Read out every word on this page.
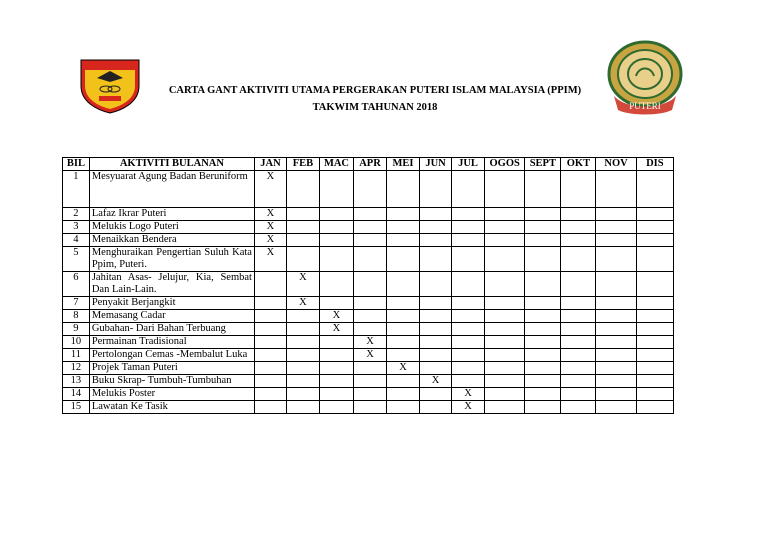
PUTERI
CARTA GANT AKTIVITI UTAMA PERGERAKAN PUTERI ISLAM MALAYSIA (PPIM)
TAKWIM TAHUNAN 2018
BIL	AKTIVITI BULANAN	JAN	FEB	MAC	APR	MEI	JUN	JUL	OGOS	SEPT	OKT	NOV	DIS
1	Mesyuarat Agung Badan Beruniform	X											
2	Lafaz Ikrar Puteri	X											
3	Melukis Logo Puteri	X											
4	Menaikkan Bendera	X											
5	Menghuraikan Pengertian Suluh Kata Ppim, Puteri.	X											
6	Jahitan Asas- Jelujur, Kia, Sembat Dan Lain-Lain.		X										
7	Penyakit Berjangkit		X										
8	Memasang Cadar			X									
9	Gubahan- Dari Bahan Terbuang			X									
10	Permainan Tradisional				X								
11	Pertolongan Cemas -Membalut Luka				X								
12	Projek Taman Puteri					X							
13	Buku Skrap- Tumbuh-Tumbuhan						X						
14	Melukis Poster							X					
15	Lawatan Ke Tasik							X					
